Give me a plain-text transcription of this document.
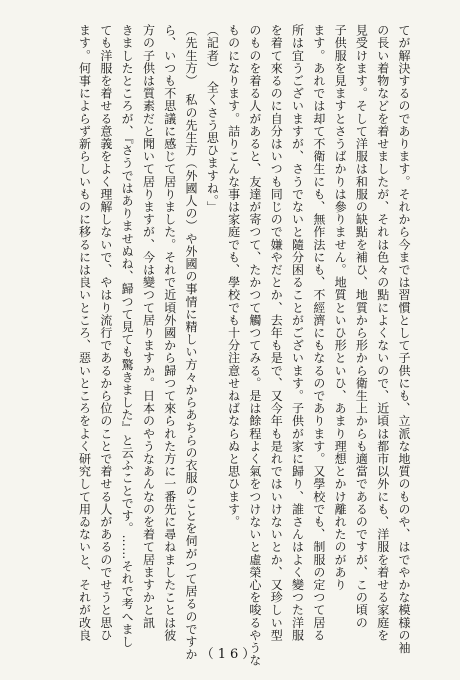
てが解決するのであります。それから今までは習慣として子供にも、立派な地質のものや、はでやかな模様の袖
の長い着物などを着せましたが、それは色々の點によくないので、近頃は都市以外にも、洋服を着せる家庭を
見受けます。そして洋服は和服の缺點を補ひ、地質から形から衛生上からも適當であるのですが、この頃の
子供服を見ますとさうばかりは參りません。地質といひ形といひ、あまり理想とかけ離れたのがあり
ます。あれでは却て不衛生にも、無作法にも、不經濟にもなるのであります。又學校でも、制服の定つて居る
所は宜うございますが、さうでないと隨分困ることがございます。子供が家に歸り、誰さんはよく變つた洋服
を着て來るのに自分はいつも同じので嫌やだとか、去年も是で、又今年も是れではいけないとか、又珍しい型
のものを着る人があると、友達が寄つて、たかつて觸つてみる。是は餘程よく氣をつけないと虛榮心を唆るやうな
ものになります。詰りこんな事は家庭でも、學校でも十分注意せねばならぬと思ひます。
（記者）　全くさう思ひますね。」
（先生方）　私の先生方（外國人の）や外國の事情に精しい方々からあちらの衣服のことを伺がつて居るのですか
ら、いつも不思議に感じて居りました。それで近頃外國から歸つて來られた方に一番先に尋ねましたことは彼
方の子供は質素だと聞いて居りますが、今は變つて居りますか。日本のやうなあんなのを着て居ますかと訊
きましたところが、『さうではありませぬね、歸つて見ても驚きました』と云ふことです。……それで考へまし
ても洋服を着せる意義をよく理解しないで、やはり流行であるから位のことで着せる人があるのでせうと思ひ
ます。何事によらず新らしいものに移るには良いところ、惡いところをよく研究して用ゐないと、それが改良
（16）
